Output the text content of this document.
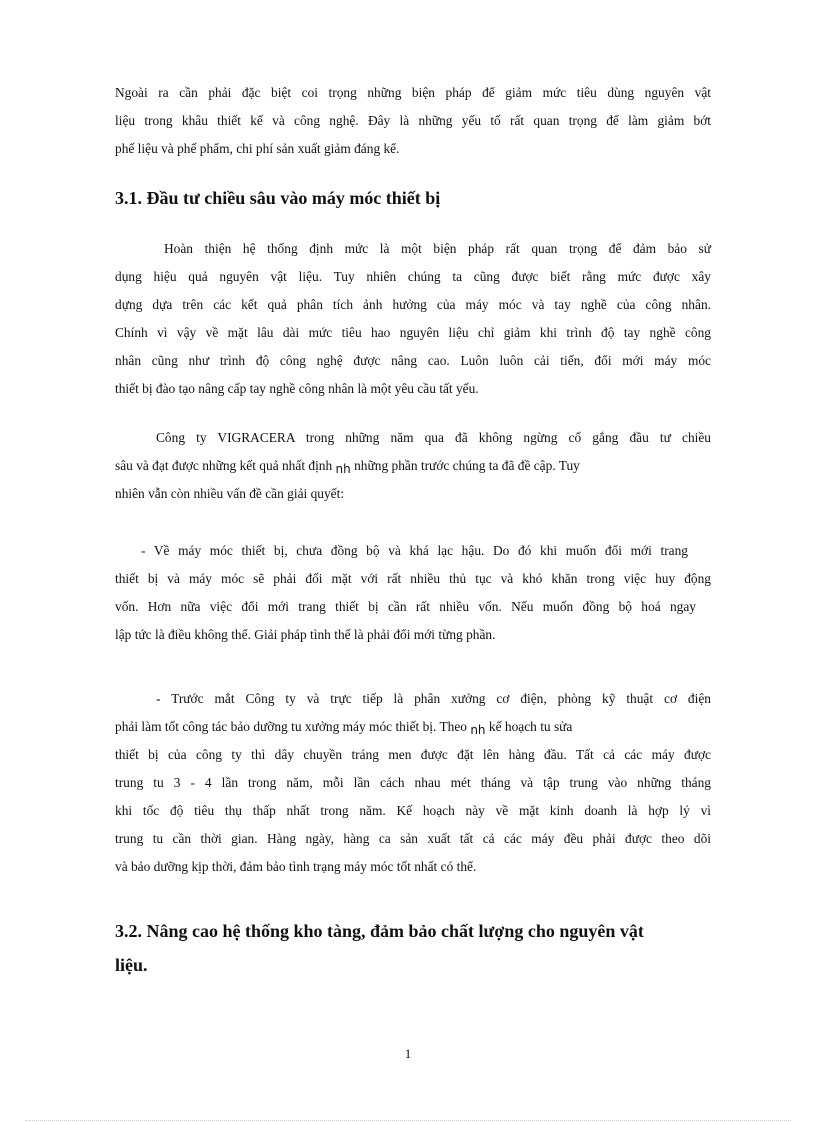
Ngoài ra cần phải đặc biệt coi trọng những biện pháp để giảm mức tiêu dùng nguyên vật
liệu trong khâu thiết kế và công nghệ. Đây là những yếu tố rất quan trọng để làm giảm bớt
phế liệu và phế phẩm, chi phí sản xuất giảm đáng kể.
3.1. Đầu tư chiều sâu vào máy móc thiết bị
Hoàn thiện hệ thống định mức là một biện pháp rất quan trọng để đảm bảo sử
dụng hiệu quả nguyên vật liệu. Tuy nhiên chúng ta cũng được biết rằng mức được xây
dựng dựa trên các kết quả phân tích ảnh hưởng của máy móc và tay nghề của công nhân.
Chính vì vậy về mặt lâu dài mức tiêu hao nguyên liệu chỉ giảm khi trình độ tay nghề công
nhân cũng như trình độ công nghệ được nâng cao. Luôn luôn cải tiến, đổi mới máy móc
thiết bị đào tạo nâng cấp tay nghề công nhân là một yêu cầu tất yếu.
Công ty VIGRACERA trong những năm qua đã không ngừng cố gắng đầu tư chiều
sâu và đạt được những kết quả nhất định nh những phần trước chúng ta đã đề cập. Tuy
nhiên vẫn còn nhiều vấn đề cần giải quyết:
- Về máy móc thiết bị, chưa đồng bộ và khá lạc hậu. Do đó khi muốn đổi mới trang
thiết bị và máy móc sẽ phải đối mặt với rất nhiều thủ tục và khó khăn trong việc huy động
vốn. Hơn nữa việc đổi mới trang thiết bị cần rất nhiều vốn. Nếu muốn đồng bộ hoá ngay
lập tức là điều không thể. Giải pháp tình thế là phải đổi mới từng phần.
- Trước mắt Công ty và trực tiếp là phân xưởng cơ điện, phòng kỹ thuật cơ điện
phải làm tốt công tác bảo dưỡng tu xưởng máy móc thiết bị. Theo nh kế hoạch tu sửa
thiết bị của công ty thì dây chuyền tráng men được đặt lên hàng đầu. Tất cả các máy được
trung tu 3 - 4 lần trong năm, mỗi lần cách nhau mét tháng và tập trung vào những tháng
khi tốc độ tiêu thụ thấp nhất trong năm. Kế hoạch này về mặt kinh doanh là hợp lý vì
trung tu cần thời gian. Hàng ngày, hàng ca sản xuất tất cả các máy đều phải được theo dõi
và bảo dưỡng kịp thời, đảm bảo tình trạng máy móc tốt nhất có thể.
3.2. Nâng cao hệ thống kho tàng, đảm bảo chất lượng cho nguyên vật
liệu.
1
